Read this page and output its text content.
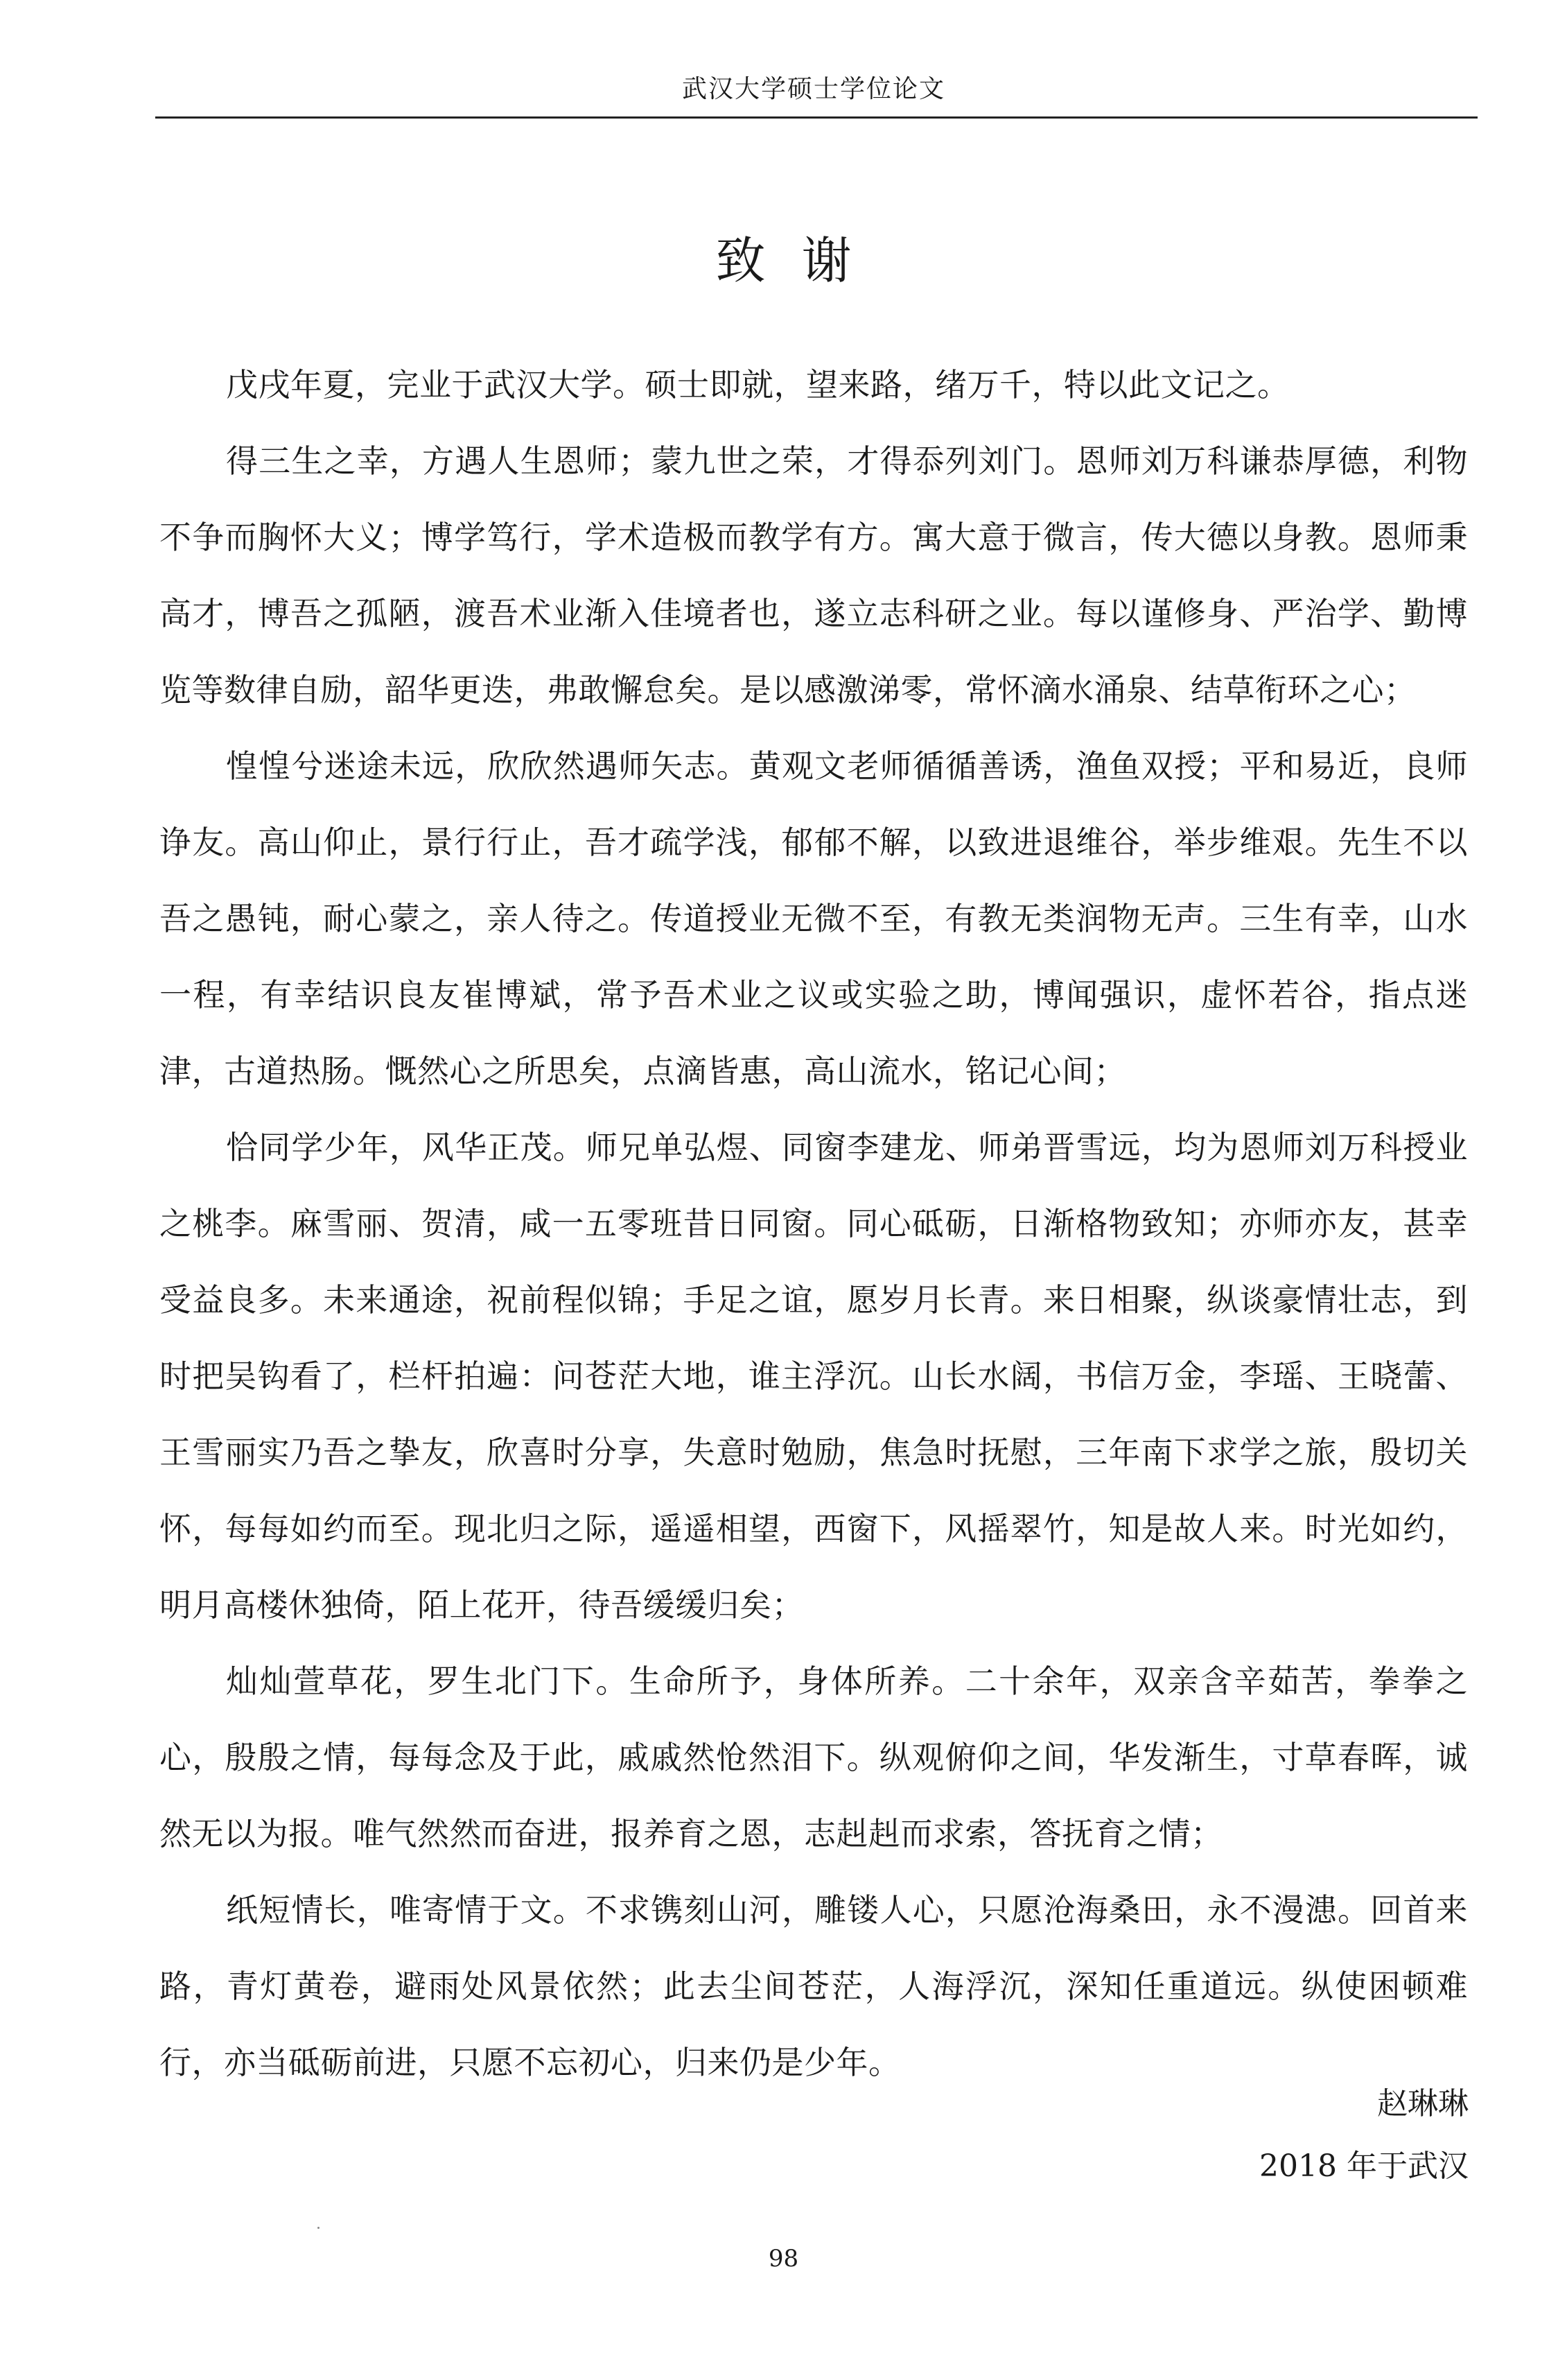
武汉大学硕士学位论文
致谢

戊戌年夏，完业于武汉大学。硕士即就，望来路，绪万千，特以此文记之。

得三生之幸，方遇人生恩师；蒙九世之荣，才得忝列刘门。恩师刘万科谦恭厚德，利物不争而胸怀大义；博学笃行，学术造极而教学有方。寓大意于微言，传大德以身教。恩师秉高才，博吾之孤陋，渡吾术业渐入佳境者也，遂立志科研之业。每以谨修身、严治学、勤博览等数律自励，韶华更迭，弗敢懈怠矣。是以感激涕零，常怀滴水涌泉、结草衔环之心；

惶惶兮迷途未远，欣欣然遇师矢志。黄观文老师循循善诱，渔鱼双授；平和易近，良师诤友。高山仰止，景行行止，吾才疏学浅，郁郁不解，以致进退维谷，举步维艰。先生不以吾之愚钝，耐心蒙之，亲人待之。传道授业无微不至，有教无类润物无声。三生有幸，山水一程，有幸结识良友崔博斌，常予吾术业之议或实验之助，博闻强识，虚怀若谷，指点迷津，古道热肠。慨然心之所思矣，点滴皆惠，高山流水，铭记心间；

恰同学少年，风华正茂。师兄单弘煜、同窗李建龙、师弟晋雪远，均为恩师刘万科授业之桃李。麻雪丽、贺清，咸一五零班昔日同窗。同心砥砺，日渐格物致知；亦师亦友，甚幸受益良多。未来通途，祝前程似锦；手足之谊，愿岁月长青。来日相聚，纵谈豪情壮志，到时把吴钩看了，栏杆拍遍：问苍茫大地，谁主浮沉。山长水阔，书信万金，李瑶、王晓蕾、王雪丽实乃吾之挚友，欣喜时分享，失意时勉励，焦急时抚慰，三年南下求学之旅，殷切关怀，每每如约而至。现北归之际，遥遥相望，西窗下，风摇翠竹，知是故人来。时光如约，明月高楼休独倚，陌上花开，待吾缓缓归矣；

灿灿萱草花，罗生北门下。生命所予，身体所养。二十余年，双亲含辛茹苦，拳拳之心，殷殷之情，每每念及于此，戚戚然怆然泪下。纵观俯仰之间，华发渐生，寸草春晖，诚然无以为报。唯气然然而奋进，报养育之恩，志赳赳而求索，答抚育之情；

纸短情长，唯寄情于文。不求镌刻山河，雕镂人心，只愿沧海桑田，永不漫漶。回首来路，青灯黄卷，避雨处风景依然；此去尘间苍茫，人海浮沉，深知任重道远。纵使困顿难行，亦当砥砺前进，只愿不忘初心，归来仍是少年。

赵琳琳
2018 年于武汉
98
